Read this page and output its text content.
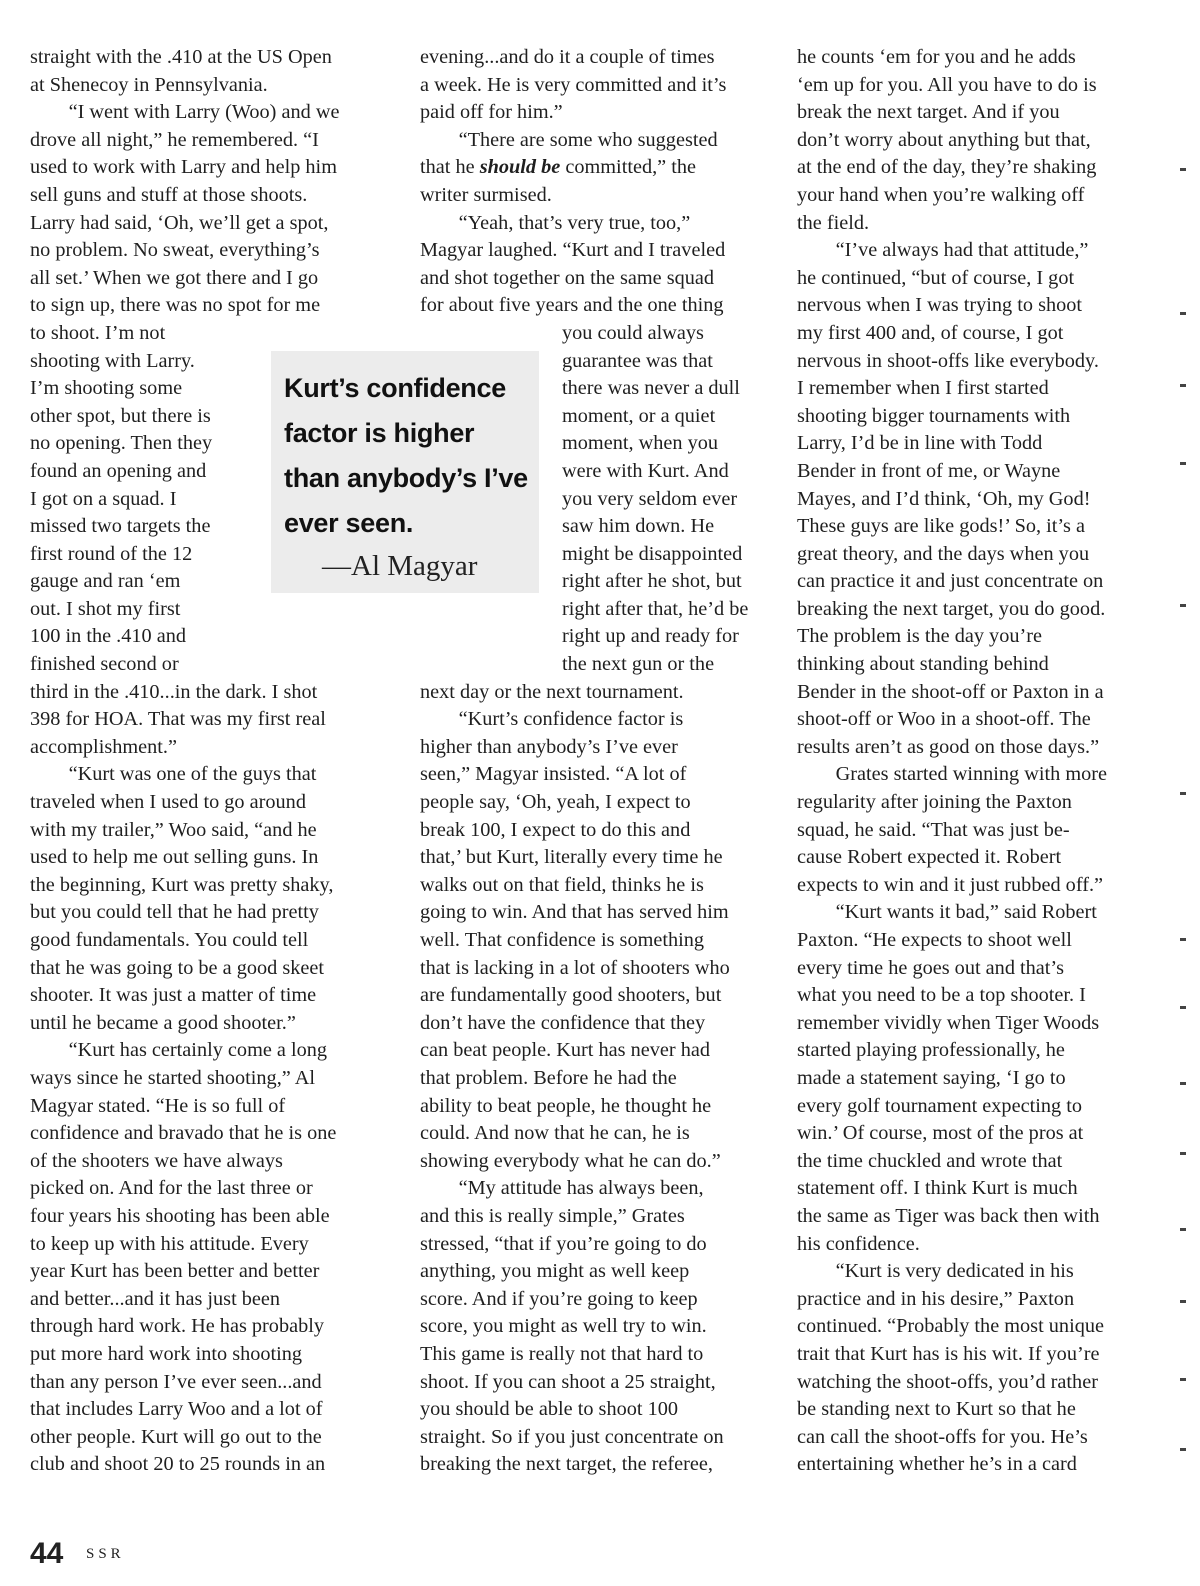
straight with the .410 at the US Open
at Shenecoy in Pennsylvania.

“I went with Larry (Woo) and we
drove all night,” he remembered. “I
used to work with Larry and help him
sell guns and stuff at those shoots.
Larry had said, ‘Oh, we’ll get a spot,
no problem. No sweat, everything’s
all set.’ When we got there and I go
to sign up, there was no spot for me
to shoot. I’m not
shooting with Larry.
I’m shooting some
other spot, but there is
no opening. Then they
found an opening and
I got on a squad. I
missed two targets the
first round of the 12
gauge and ran ‘em
out. I shot my first
100 in the .410 and
finished second or
third in the .410...in the dark. I shot
398 for HOA. That was my first real
accomplishment.”

“Kurt was one of the guys that
traveled when I used to go around
with my trailer,” Woo said, “and he
used to help me out selling guns. In
the beginning, Kurt was pretty shaky,
but you could tell that he had pretty
good fundamentals. You could tell
that he was going to be a good skeet
shooter. It was just a matter of time
until he became a good shooter.”

“Kurt has certainly come a long
ways since he started shooting,” Al
Magyar stated. “He is so full of
confidence and bravado that he is one
of the shooters we have always
picked on. And for the last three or
four years his shooting has been able
to keep up with his attitude. Every
year Kurt has been better and better
and better...and it has just been
through hard work. He has probably
put more hard work into shooting
than any person I’ve ever seen...and
that includes Larry Woo and a lot of
other people. Kurt will go out to the
club and shoot 20 to 25 rounds in an

Kurt’s confidence
factor is higher
than anybody’s I’ve
ever seen.
—Al Magyar

evening...and do it a couple of times
a week. He is very committed and it’s
paid off for him.”

“There are some who suggested
that he should be committed,” the
writer surmised.

“Yeah, that’s very true, too,”
Magyar laughed. “Kurt and I traveled
and shot together on the same squad
for about five years and the one thing

you could always
guarantee was that
there was never a dull
moment, or a quiet
moment, when you
were with Kurt. And
you very seldom ever
saw him down. He
might be disappointed
right after he shot, but
right after that, he’d be
right up and ready for
the next gun or the

next day or the next tournament.

“Kurt’s confidence factor is
higher than anybody’s I’ve ever
seen,” Magyar insisted. “A lot of
people say, ‘Oh, yeah, I expect to
break 100, I expect to do this and
that,’ but Kurt, literally every time he
walks out on that field, thinks he is
going to win. And that has served him
well. That confidence is something
that is lacking in a lot of shooters who
are fundamentally good shooters, but
don’t have the confidence that they
can beat people. Kurt has never had
that problem. Before he had the
ability to beat people, he thought he
could. And now that he can, he is
showing everybody what he can do.”

“My attitude has always been,
and this is really simple,” Grates
stressed, “that if you’re going to do
anything, you might as well keep
score. And if you’re going to keep
score, you might as well try to win.
This game is really not that hard to
shoot. If you can shoot a 25 straight,
you should be able to shoot 100
straight. So if you just concentrate on
breaking the next target, the referee,

he counts ‘em for you and he adds
‘em up for you. All you have to do is
break the next target. And if you
don’t worry about anything but that,
at the end of the day, they’re shaking
your hand when you’re walking off
the field.

“I’ve always had that attitude,”
he continued, “but of course, I got
nervous when I was trying to shoot
my first 400 and, of course, I got
nervous in shoot-offs like everybody.
I remember when I first started
shooting bigger tournaments with
Larry, I’d be in line with Todd
Bender in front of me, or Wayne
Mayes, and I’d think, ‘Oh, my God!
These guys are like gods!’ So, it’s a
great theory, and the days when you
can practice it and just concentrate on
breaking the next target, you do good.
The problem is the day you’re
thinking about standing behind
Bender in the shoot-off or Paxton in a
shoot-off or Woo in a shoot-off. The
results aren’t as good on those days.”

Grates started winning with more
regularity after joining the Paxton
squad, he said. “That was just be-
cause Robert expected it. Robert
expects to win and it just rubbed off.”

“Kurt wants it bad,” said Robert
Paxton. “He expects to shoot well
every time he goes out and that’s
what you need to be a top shooter. I
remember vividly when Tiger Woods
started playing professionally, he
made a statement saying, ‘I go to
every golf tournament expecting to
win.’ Of course, most of the pros at
the time chuckled and wrote that
statement off. I think Kurt is much
the same as Tiger was back then with
his confidence.

“Kurt is very dedicated in his
practice and in his desire,” Paxton
continued. “Probably the most unique
trait that Kurt has is his wit. If you’re
watching the shoot-offs, you’d rather
be standing next to Kurt so that he
can call the shoot-offs for you. He’s
entertaining whether he’s in a card

44 SSR
